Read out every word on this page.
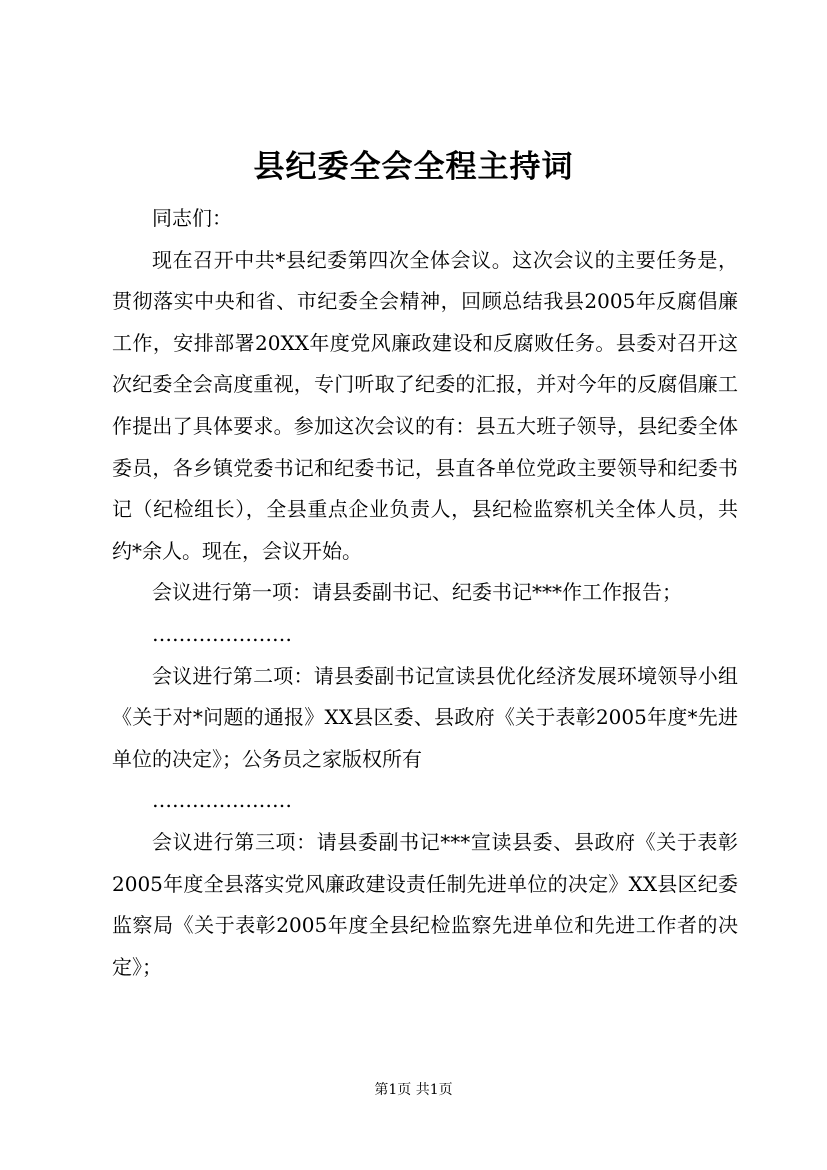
县纪委全会全程主持词

同志们：

现在召开中共*县纪委第四次全体会议。这次会议的主要任务是，贯彻落实中央和省、市纪委全会精神，回顾总结我县2005年反腐倡廉工作，安排部署20XX年度党风廉政建设和反腐败任务。县委对召开这次纪委全会高度重视，专门听取了纪委的汇报，并对今年的反腐倡廉工作提出了具体要求。参加这次会议的有：县五大班子领导，县纪委全体委员，各乡镇党委书记和纪委书记，县直各单位党政主要领导和纪委书记（纪检组长），全县重点企业负责人，县纪检监察机关全体人员，共约*余人。现在，会议开始。

会议进行第一项：请县委副书记、纪委书记***作工作报告；

…………………

会议进行第二项：请县委副书记宣读县优化经济发展环境领导小组《关于对*问题的通报》XX县区委、县政府《关于表彰2005年度*先进单位的决定》；公务员之家版权所有

…………………

会议进行第三项：请县委副书记***宣读县委、县政府《关于表彰2005年度全县落实党风廉政建设责任制先进单位的决定》XX县区纪委监察局《关于表彰2005年度全县纪检监察先进单位和先进工作者的决定》；

第1页 共1页
